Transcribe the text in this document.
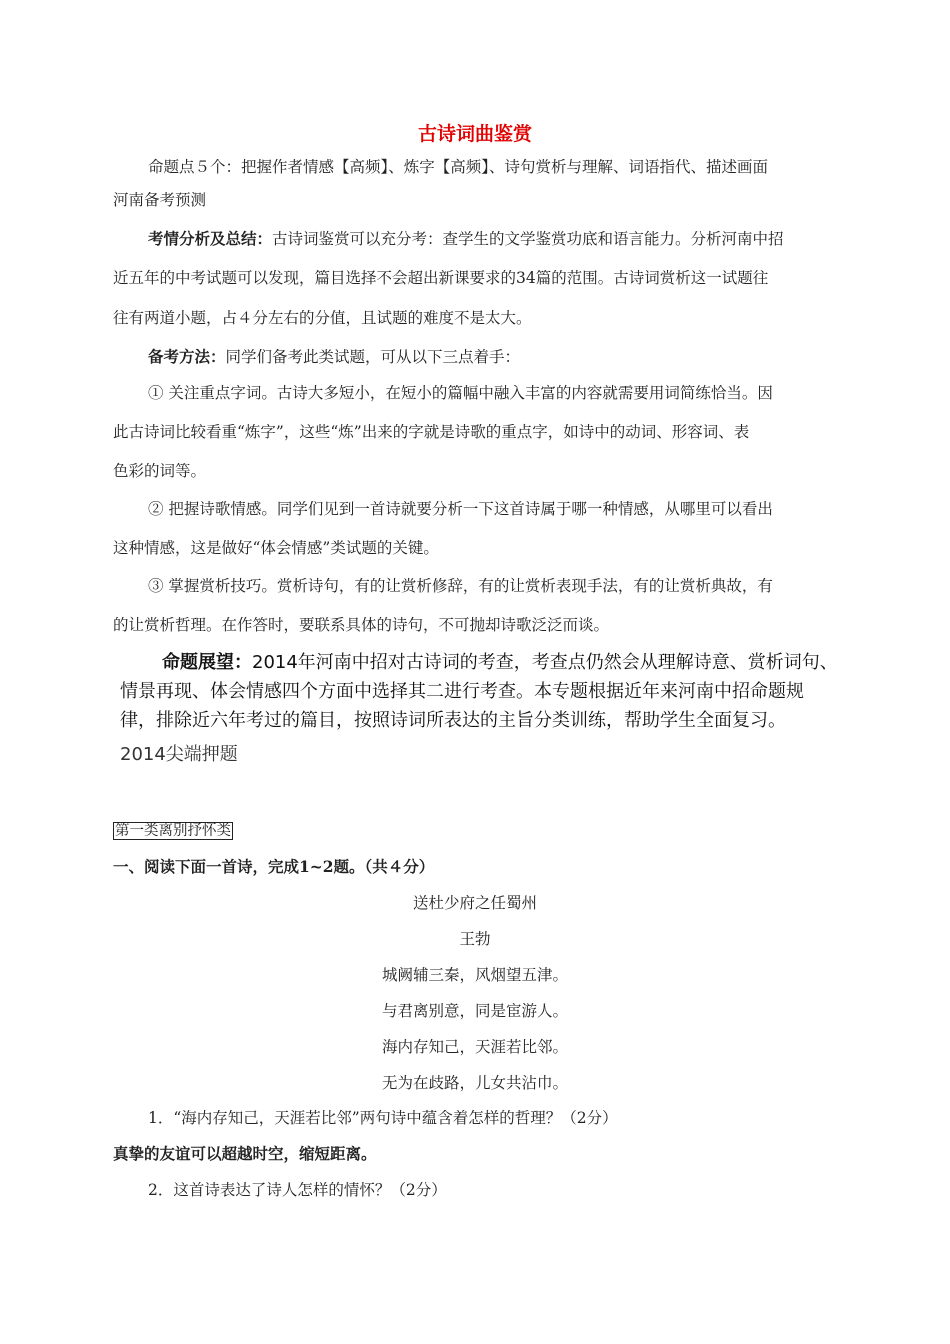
古诗词曲鉴赏
命题点５个：把握作者情感【高频】、炼字【高频】、诗句赏析与理解、词语指代、描述画面
河南备考预测
考情分析及总结：古诗词鉴赏可以充分考：查学生的文学鉴赏功底和语言能力。分析河南中招
近五年的中考试题可以发现，篇目选择不会超出新课要求的34篇的范围。古诗词赏析这一试题往
往有两道小题，占４分左右的分值，且试题的难度不是太大。
备考方法：同学们备考此类试题，可从以下三点着手：
① 关注重点字词。古诗大多短小，在短小的篇幅中融入丰富的内容就需要用词简练恰当。因
此古诗词比较看重“炼字”，这些“炼”出来的字就是诗歌的重点字，如诗中的动词、形容词、表
色彩的词等。
② 把握诗歌情感。同学们见到一首诗就要分析一下这首诗属于哪一种情感，从哪里可以看出
这种情感，这是做好“体会情感”类试题的关键。
③ 掌握赏析技巧。赏析诗句，有的让赏析修辞，有的让赏析表现手法，有的让赏析典故，有
的让赏析哲理。在作答时，要联系具体的诗句，不可抛却诗歌泛泛而谈。
命题展望：2014年河南中招对古诗词的考查，考查点仍然会从理解诗意、赏析词句、
情景再现、体会情感四个方面中选择其二进行考查。本专题根据近年来河南中招命题规
律，排除近六年考过的篇目，按照诗词所表达的主旨分类训练，帮助学生全面复习。
2014尖端押题
第一类离别抒怀类
一、阅读下面一首诗，完成1~2题。（共４分）
送杜少府之任蜀州
王勃
城阙辅三秦，风烟望五津。
与君离别意，同是宦游人。
海内存知己，天涯若比邻。
无为在歧路，儿女共沾巾。
1．“海内存知己，天涯若比邻”两句诗中蕴含着怎样的哲理？（2分）
真挚的友谊可以超越时空，缩短距离。
2．这首诗表达了诗人怎样的情怀？（2分）
